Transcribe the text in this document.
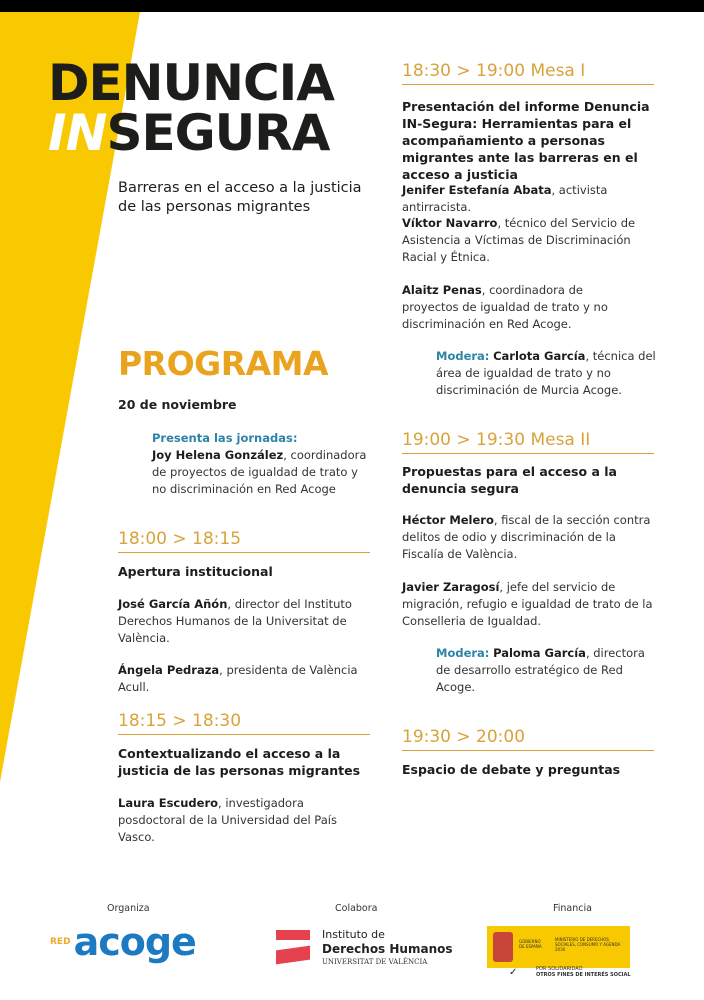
DENUNCIA
INSEGURA
Barreras en el acceso a la justicia de las personas migrantes
PROGRAMA
20 de noviembre
Presenta las jornadas:
Joy Helena González, coordinadora de proyectos de igualdad de trato y no discriminación en Red Acoge
18:00 > 18:15
Apertura institucional
José García Añón, director del Instituto Derechos Humanos de la Universitat de València.
Ángela Pedraza, presidenta de València Acull.
18:15 > 18:30
Contextualizando el acceso a la justicia de las personas migrantes
Laura Escudero, investigadora posdoctoral de la Universidad del País Vasco.
18:30 > 19:00 Mesa I
Presentación del informe Denuncia IN-Segura: Herramientas para el acompañamiento a personas migrantes ante las barreras en el acceso a justicia
Jenifer Estefanía Abata, activista antirracista.
Víktor Navarro, técnico del Servicio de Asistencia a Víctimas de Discriminación Racial y Étnica.
Alaitz Penas, coordinadora de proyectos de igualdad de trato y no discriminación en Red Acoge.
Modera: Carlota García, técnica del área de igualdad de trato y no discriminación de Murcia Acoge.
19:00 > 19:30 Mesa II
Propuestas para el acceso a la denuncia segura
Héctor Melero, fiscal de la sección contra delitos de odio y discriminación de la Fiscalía de València.
Javier Zaragosí, jefe del servicio de migración, refugio e igualdad de trato de la Conselleria de Igualdad.
Modera: Paloma García, directora de desarrollo estratégico de Red Acoge.
19:30 > 20:00
Espacio de debate y preguntas
Organiza	Colabora	Financia
RED acoge	Instituto de
Derechos Humanos
UNIVERSITAT DE VALÈNCIA
GOBIERNO DE ESPAÑA
MINISTERIO DE DERECHOS SOCIALES, CONSUMO Y AGENDA 2030
✓	POR SOLIDARIDAD
OTROS FINES DE INTERÉS SOCIAL
